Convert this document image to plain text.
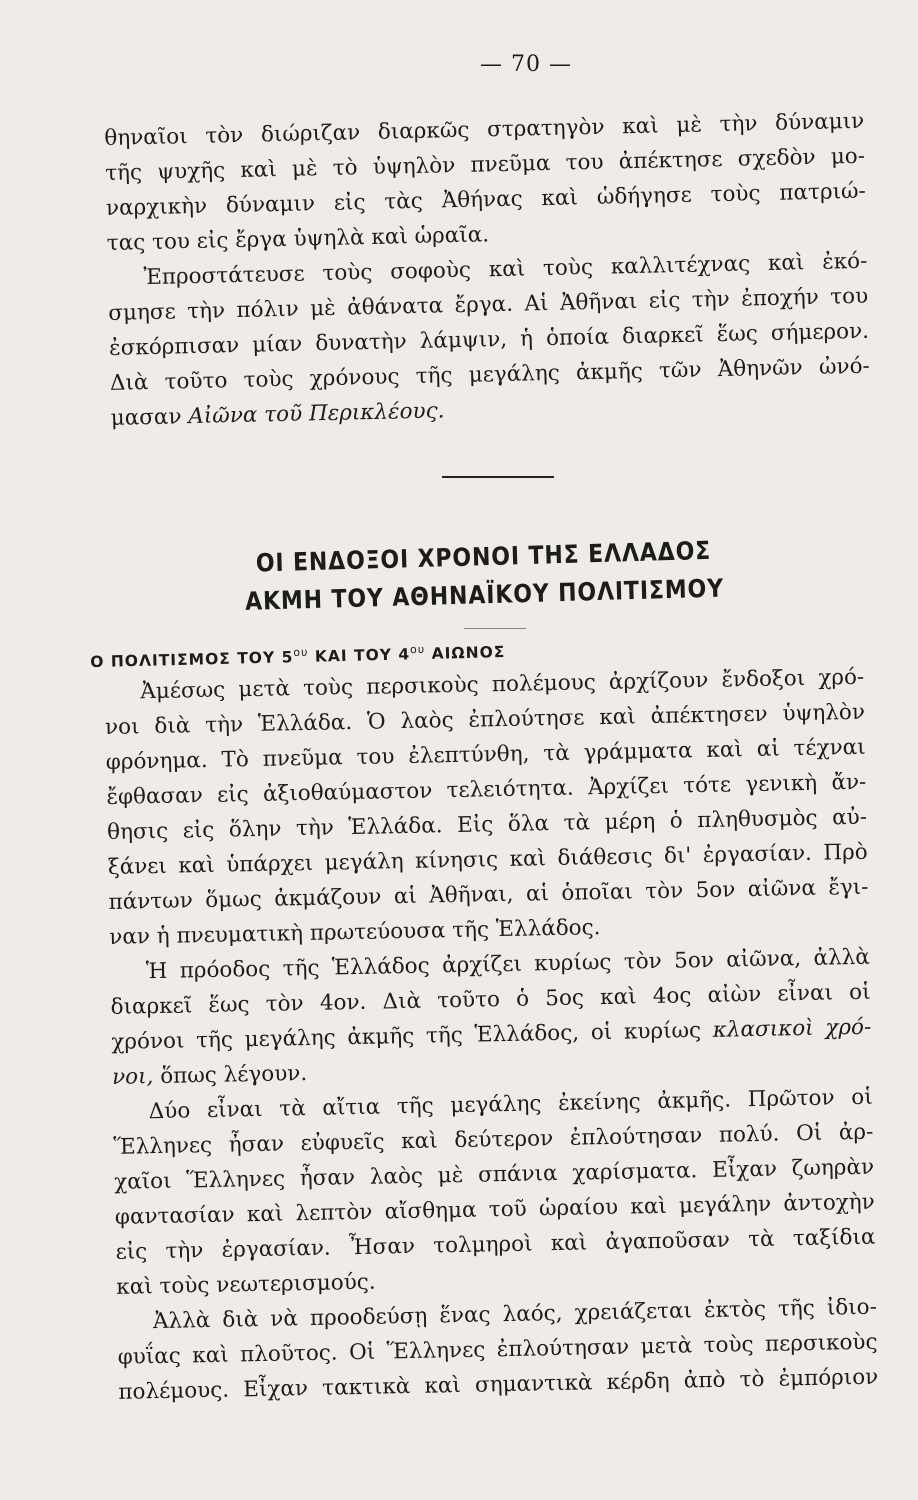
— 70 —
θηναῖοι τὸν διώριζαν διαρκῶς στρατηγὸν καὶ μὲ τὴν δύναμιν
τῆς ψυχῆς καὶ μὲ τὸ ὑψηλὸν πνεῦμα του ἀπέκτησε σχεδὸν μο-
ναρχικὴν δύναμιν εἰς τὰς Ἀθήνας καὶ ὡδήγησε τοὺς πατριώ-
τας του εἰς ἔργα ὑψηλὰ καὶ ὡραῖα.
Ἐπροστάτευσε τοὺς σοφοὺς καὶ τοὺς καλλιτέχνας καὶ ἐκό-
σμησε τὴν πόλιν μὲ ἀθάνατα ἔργα. Αἱ Ἀθῆναι εἰς τὴν ἐποχήν του
ἐσκόρπισαν μίαν δυνατὴν λάμψιν, ἡ ὁποία διαρκεῖ ἕως σήμερον.
Διὰ τοῦτο τοὺς χρόνους τῆς μεγάλης ἀκμῆς τῶν Ἀθηνῶν ὠνό-
μασαν Αἰῶνα τοῦ Περικλέους.
ΟΙ ΕΝΔΟΞΟΙ ΧΡΟΝΟΙ ΤΗΣ ΕΛΛΑΔΟΣ
ΑΚΜΗ ΤΟΥ ΑΘΗΝΑΪΚΟΥ ΠΟΛΙΤΙΣΜΟΥ
Ο ΠΟΛΙΤΙΣΜΟΣ ΤΟΥ $5^{o\upsilon}$ ΚΑΙ ΤΟΥ $4^{o\upsilon}$ ΑΙΩΝΟΣ
Ἀμέσως μετὰ τοὺς περσικοὺς πολέμους ἀρχίζουν ἔνδοξοι χρό-
νοι διὰ τὴν Ἑλλάδα. Ὁ λαὸς ἐπλούτησε καὶ ἀπέκτησεν ὑψηλὸν
φρόνημα. Τὸ πνεῦμα του ἐλεπτύνθη, τὰ γράμματα καὶ αἱ τέχναι
ἔφθασαν εἰς ἀξιοθαύμαστον τελειότητα. Ἀρχίζει τότε γενικὴ ἄν-
θησις εἰς ὅλην τὴν Ἑλλάδα. Εἰς ὅλα τὰ μέρη ὁ πληθυσμὸς αὐ-
ξάνει καὶ ὑπάρχει μεγάλη κίνησις καὶ διάθεσις δι' ἐργασίαν. Πρὸ
πάντων ὅμως ἀκμάζουν αἱ Ἀθῆναι, αἱ ὁποῖαι τὸν 5ον αἰῶνα ἔγι-
ναν ἡ πνευματικὴ πρωτεύουσα τῆς Ἑλλάδος.
Ἡ πρόοδος τῆς Ἑλλάδος ἀρχίζει κυρίως τὸν 5ον αἰῶνα, ἀλλὰ
διαρκεῖ ἕως τὸν 4ον. Διὰ τοῦτο ὁ 5ος καὶ 4ος αἰὼν εἶναι οἱ
χρόνοι τῆς μεγάλης ἀκμῆς τῆς Ἑλλάδος, οἱ κυρίως κλασικοὶ χρό-
νοι, ὅπως λέγουν.
Δύο εἶναι τὰ αἴτια τῆς μεγάλης ἐκείνης ἀκμῆς. Πρῶτον οἱ
Ἕλληνες ἦσαν εὐφυεῖς καὶ δεύτερον ἐπλούτησαν πολύ. Οἱ ἀρ-
χαῖοι Ἕλληνες ἦσαν λαὸς μὲ σπάνια χαρίσματα. Εἶχαν ζωηρὰν
φαντασίαν καὶ λεπτὸν αἴσθημα τοῦ ὡραίου καὶ μεγάλην ἀντοχὴν
εἰς τὴν ἐργασίαν. Ἦσαν τολμηροὶ καὶ ἀγαποῦσαν τὰ ταξίδια
καὶ τοὺς νεωτερισμούς.
Ἀλλὰ διὰ νὰ προοδεύσῃ ἕνας λαός, χρειάζεται ἐκτὸς τῆς ἰδιο-
φυΐας καὶ πλοῦτος. Οἱ Ἕλληνες ἐπλούτησαν μετὰ τοὺς περσικοὺς
πολέμους. Εἶχαν τακτικὰ καὶ σημαντικὰ κέρδη ἀπὸ τὸ ἐμπόριον
